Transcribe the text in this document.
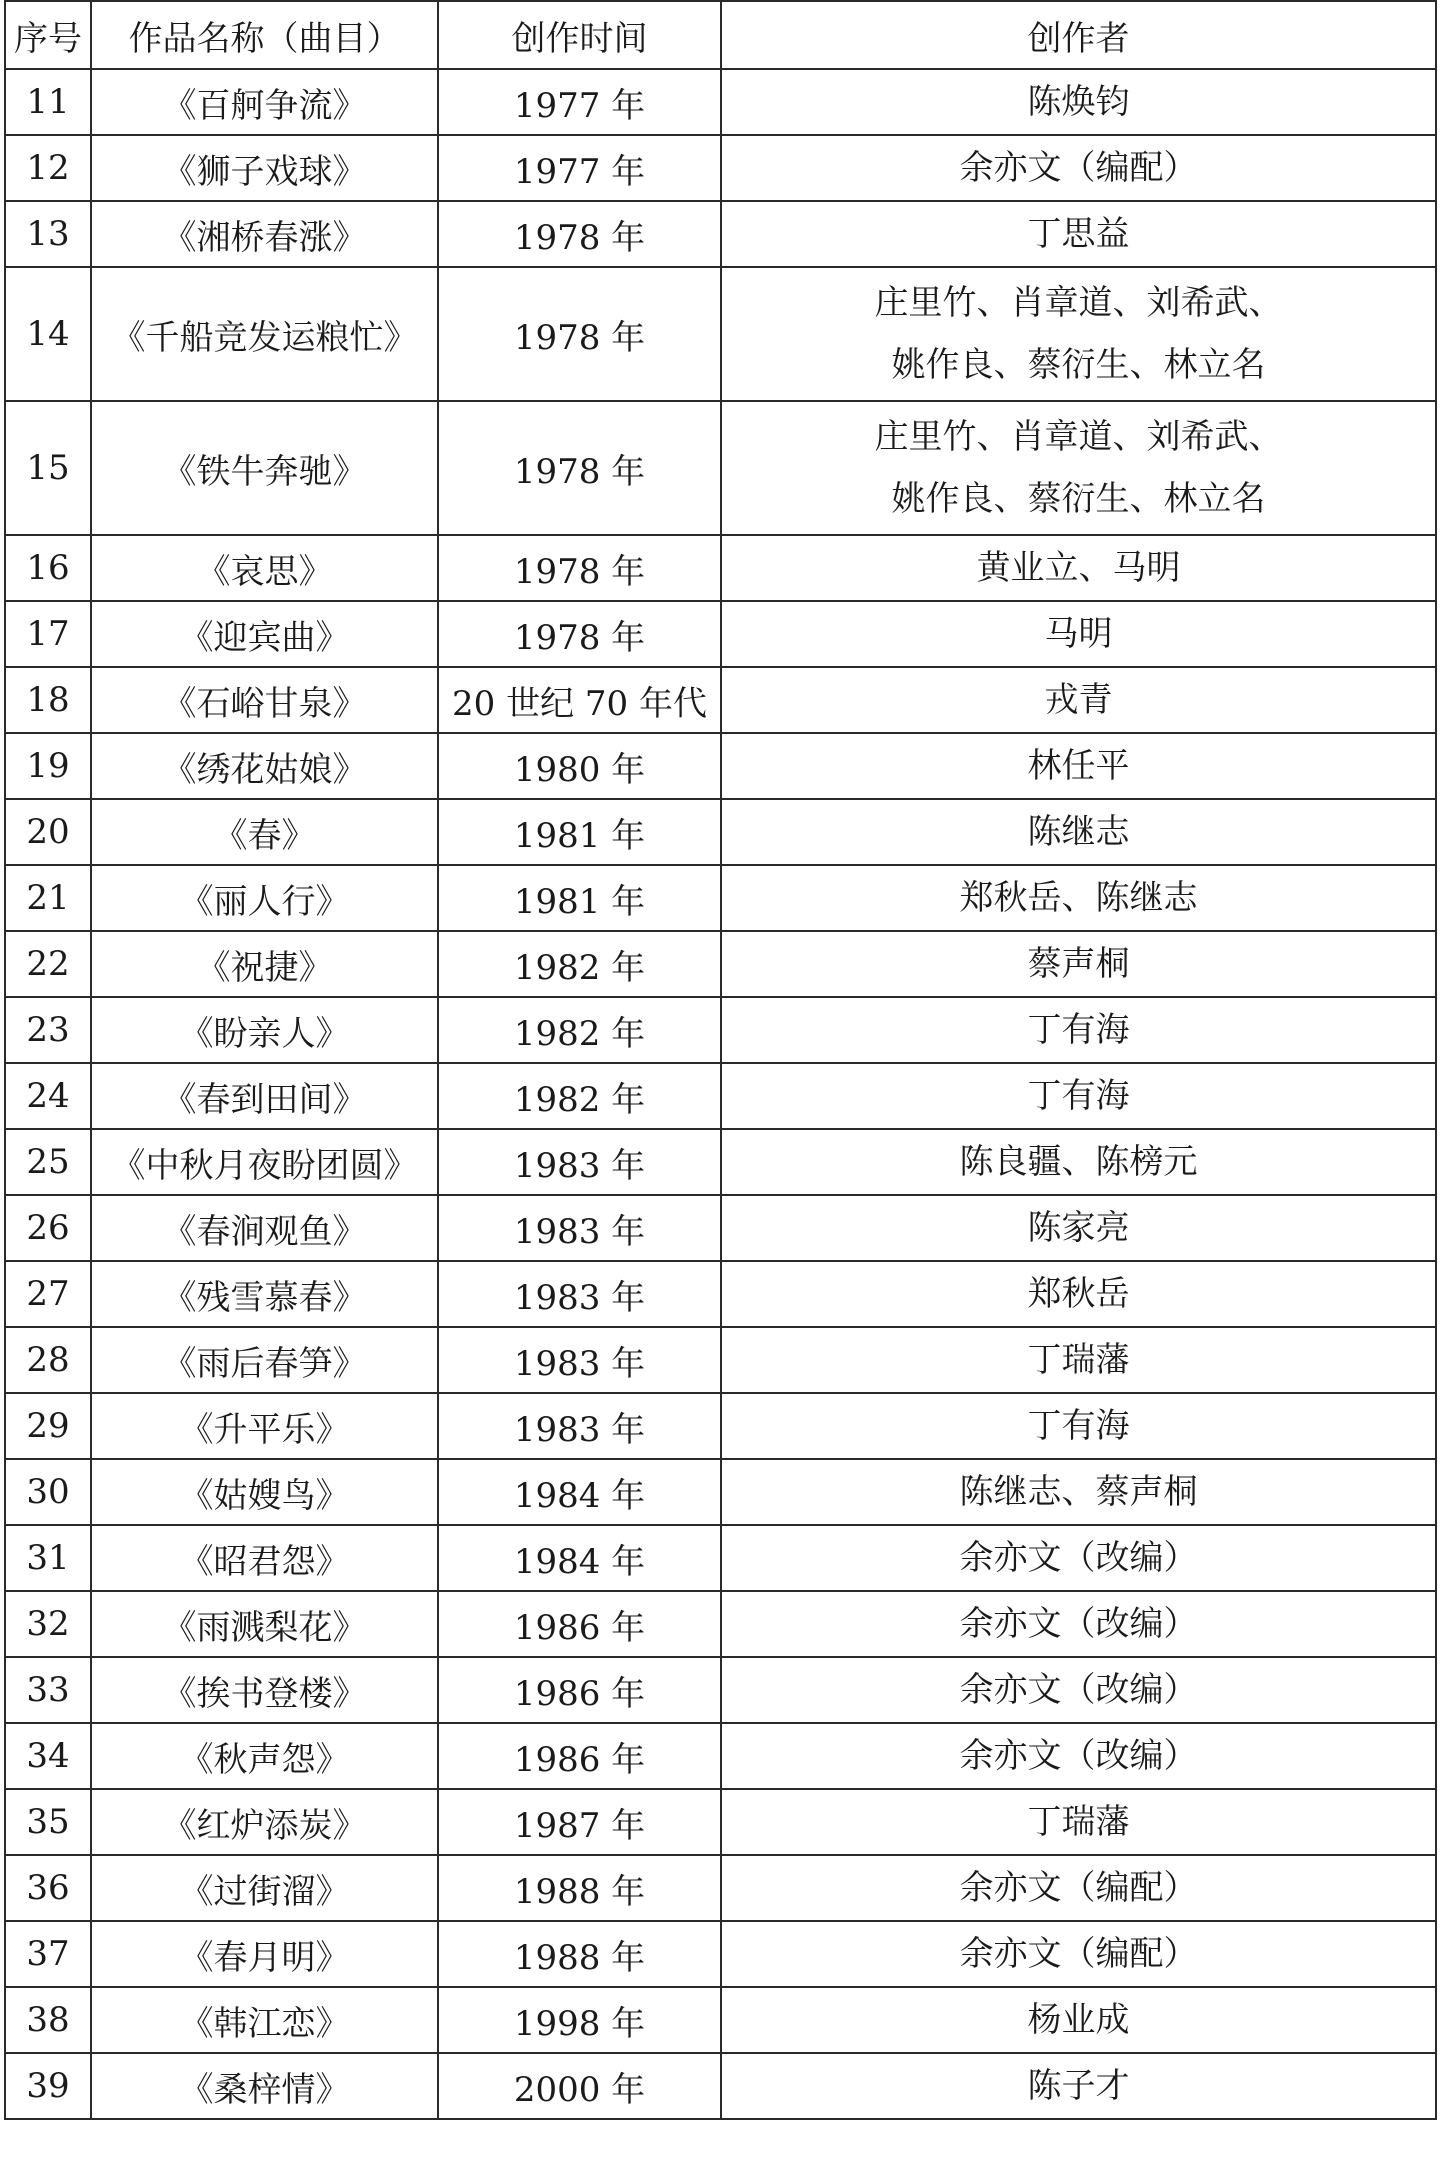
序号	作品名称（曲目）	创作时间	创作者
11	《百舸争流》	1977 年	陈焕钧

12	《狮子戏球》	1977 年	余亦文（编配）

13	《湘桥春涨》	1978 年	丁思益

14	《千船竞发运粮忙》	1978 年	庄里竹、肖章道、刘希武、
姚作良、蔡衍生、林立名

15	《铁牛奔驰》	1978 年	庄里竹、肖章道、刘希武、
姚作良、蔡衍生、林立名

16	《哀思》	1978 年	黄业立、马明

17	《迎宾曲》	1978 年	马明

18	《石峪甘泉》	20 世纪 70 年代	戎青

19	《绣花姑娘》	1980 年	林任平

20	《春》	1981 年	陈继志

21	《丽人行》	1981 年	郑秋岳、陈继志

22	《祝捷》	1982 年	蔡声桐

23	《盼亲人》	1982 年	丁有海

24	《春到田间》	1982 年	丁有海

25	《中秋月夜盼团圆》	1983 年	陈良疆、陈榜元

26	《春涧观鱼》	1983 年	陈家亮

27	《残雪慕春》	1983 年	郑秋岳

28	《雨后春笋》	1983 年	丁瑞藩

29	《升平乐》	1983 年	丁有海

30	《姑嫂鸟》	1984 年	陈继志、蔡声桐

31	《昭君怨》	1984 年	余亦文（改编）

32	《雨溅梨花》	1986 年	余亦文（改编）

33	《挨书登楼》	1986 年	余亦文（改编）

34	《秋声怨》	1986 年	余亦文（改编）

35	《红炉添炭》	1987 年	丁瑞藩

36	《过街溜》	1988 年	余亦文（编配）

37	《春月明》	1988 年	余亦文（编配）

38	《韩江恋》	1998 年	杨业成

39	《桑梓情》	2000 年	陈子才
